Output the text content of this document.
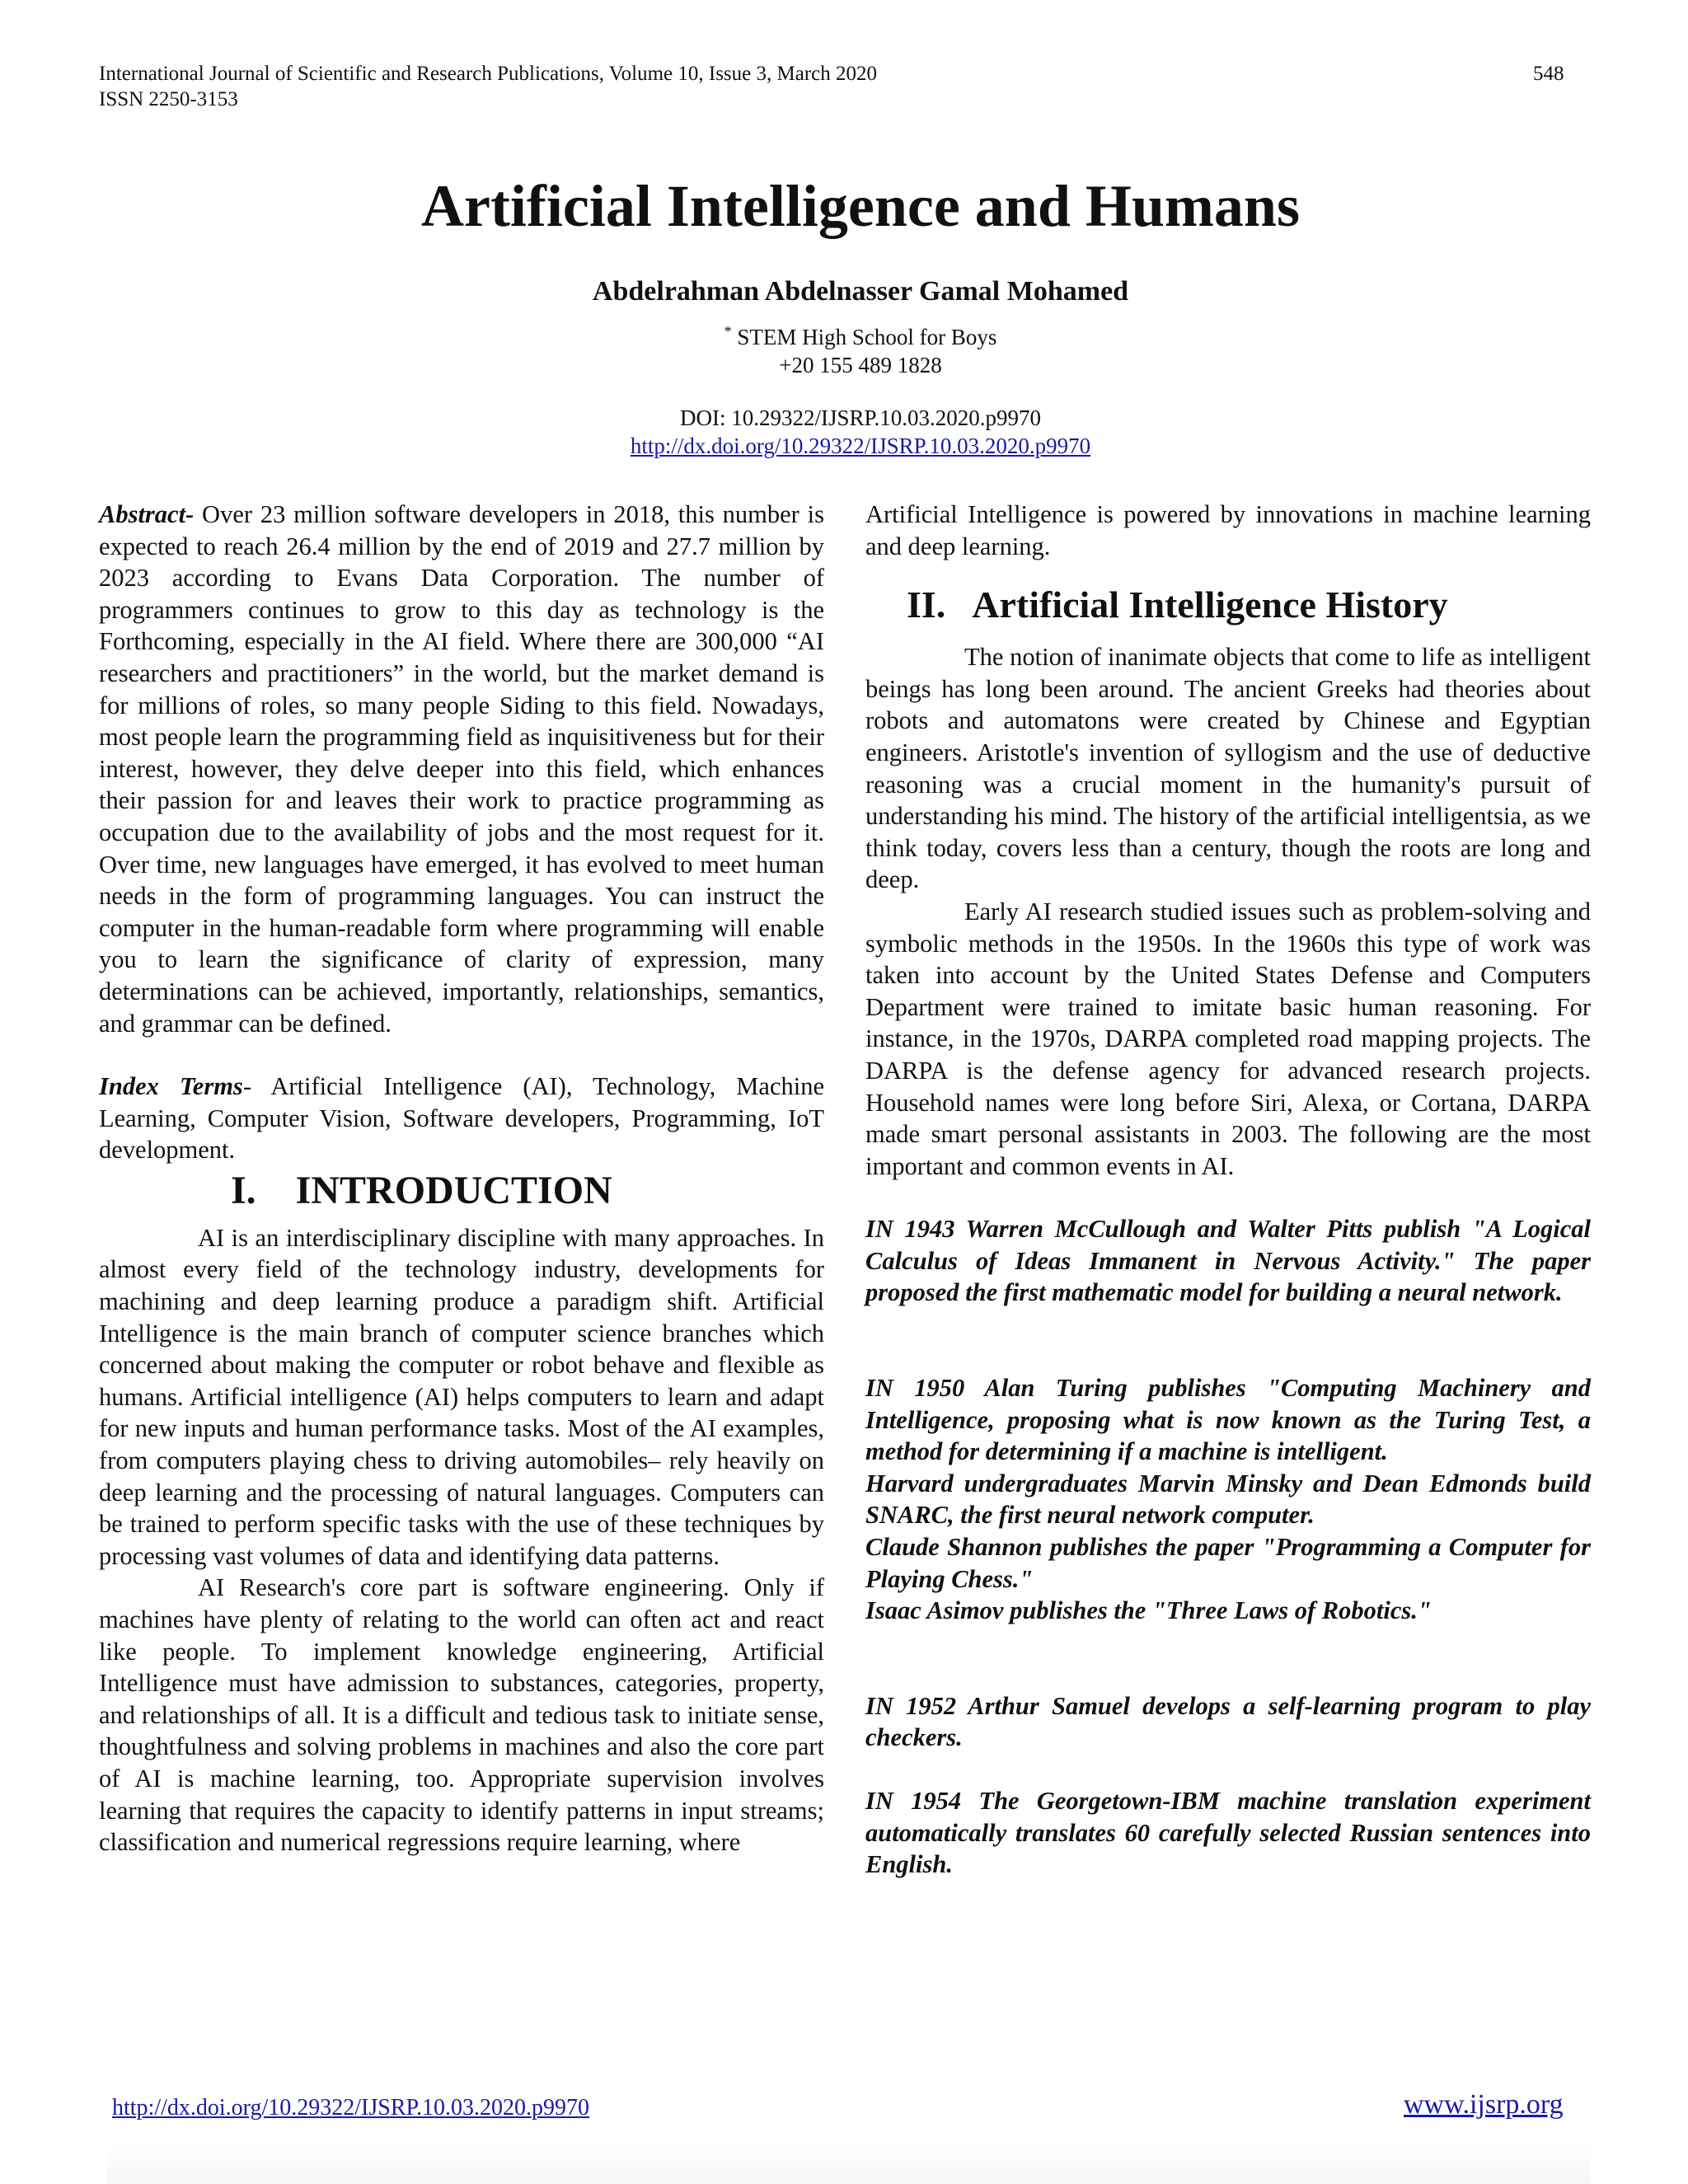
International Journal of Scientific and Research Publications, Volume 10, Issue 3, March 2020
ISSN 2250-3153
548
Artificial Intelligence and Humans
Abdelrahman Abdelnasser Gamal Mohamed
* STEM High School for Boys
+20 155 489 1828
DOI: 10.29322/IJSRP.10.03.2020.p9970
http://dx.doi.org/10.29322/IJSRP.10.03.2020.p9970

Abstract- Over 23 million software developers in 2018, this number is expected to reach 26.4 million by the end of 2019 and 27.7 million by 2023 according to Evans Data Corporation. The number of programmers continues to grow to this day as technology is the Forthcoming, especially in the AI field. Where there are 300,000 “AI researchers and practitioners” in the world, but the market demand is for millions of roles, so many people Siding to this field. Nowadays, most people learn the programming field as inquisitiveness but for their interest, however, they delve deeper into this field, which enhances their passion for and leaves their work to practice programming as occupation due to the availability of jobs and the most request for it. Over time, new languages have emerged, it has evolved to meet human needs in the form of programming languages. You can instruct the computer in the human-readable form where programming will enable you to learn the significance of clarity of expression, many determinations can be achieved, importantly, relationships, semantics, and grammar can be defined.

Index Terms- Artificial Intelligence (AI), Technology, Machine Learning, Computer Vision, Software developers, Programming, IoT development.

I.    INTRODUCTION

AI is an interdisciplinary discipline with many approaches. In almost every field of the technology industry, developments for machining and deep learning produce a paradigm shift. Artificial Intelligence is the main branch of computer science branches which concerned about making the computer or robot behave and flexible as humans. Artificial intelligence (AI) helps computers to learn and adapt for new inputs and human performance tasks. Most of the AI examples, from computers playing chess to driving automobiles– rely heavily on deep learning and the processing of natural languages. Computers can be trained to perform specific tasks with the use of these techniques by processing vast volumes of data and identifying data patterns.

AI Research's core part is software engineering. Only if machines have plenty of relating to the world can often act and react like people. To implement knowledge engineering, Artificial Intelligence must have admission to substances, categories, property, and relationships of all. It is a difficult and tedious task to initiate sense, thoughtfulness and solving problems in machines and also the core part of AI is machine learning, too. Appropriate supervision involves learning that requires the capacity to identify patterns in input streams; classification and numerical regressions require learning, where

Artificial Intelligence is powered by innovations in machine learning and deep learning.

II.   Artificial Intelligence History

The notion of inanimate objects that come to life as intelligent beings has long been around. The ancient Greeks had theories about robots and automatons were created by Chinese and Egyptian engineers. Aristotle's invention of syllogism and the use of deductive reasoning was a crucial moment in the humanity's pursuit of understanding his mind. The history of the artificial intelligentsia, as we think today, covers less than a century, though the roots are long and deep.

Early AI research studied issues such as problem-solving and symbolic methods in the 1950s. In the 1960s this type of work was taken into account by the United States Defense and Computers Department were trained to imitate basic human reasoning. For instance, in the 1970s, DARPA completed road mapping projects. The DARPA is the defense agency for advanced research projects. Household names were long before Siri, Alexa, or Cortana, DARPA made smart personal assistants in 2003. The following are the most important and common events in AI.

IN 1943 Warren McCullough and Walter Pitts publish "A Logical Calculus of Ideas Immanent in Nervous Activity." The paper proposed the first mathematic model for building a neural network.

IN 1950 Alan Turing publishes "Computing Machinery and Intelligence, proposing what is now known as the Turing Test, a method for determining if a machine is intelligent.

Harvard undergraduates Marvin Minsky and Dean Edmonds build SNARC, the first neural network computer.

Claude Shannon publishes the paper "Programming a Computer for Playing Chess."

Isaac Asimov publishes the "Three Laws of Robotics."

IN 1952 Arthur Samuel develops a self-learning program to play checkers.

IN 1954 The Georgetown-IBM machine translation experiment automatically translates 60 carefully selected Russian sentences into English.

http://dx.doi.org/10.29322/IJSRP.10.03.2020.p9970	www.ijsrp.org
